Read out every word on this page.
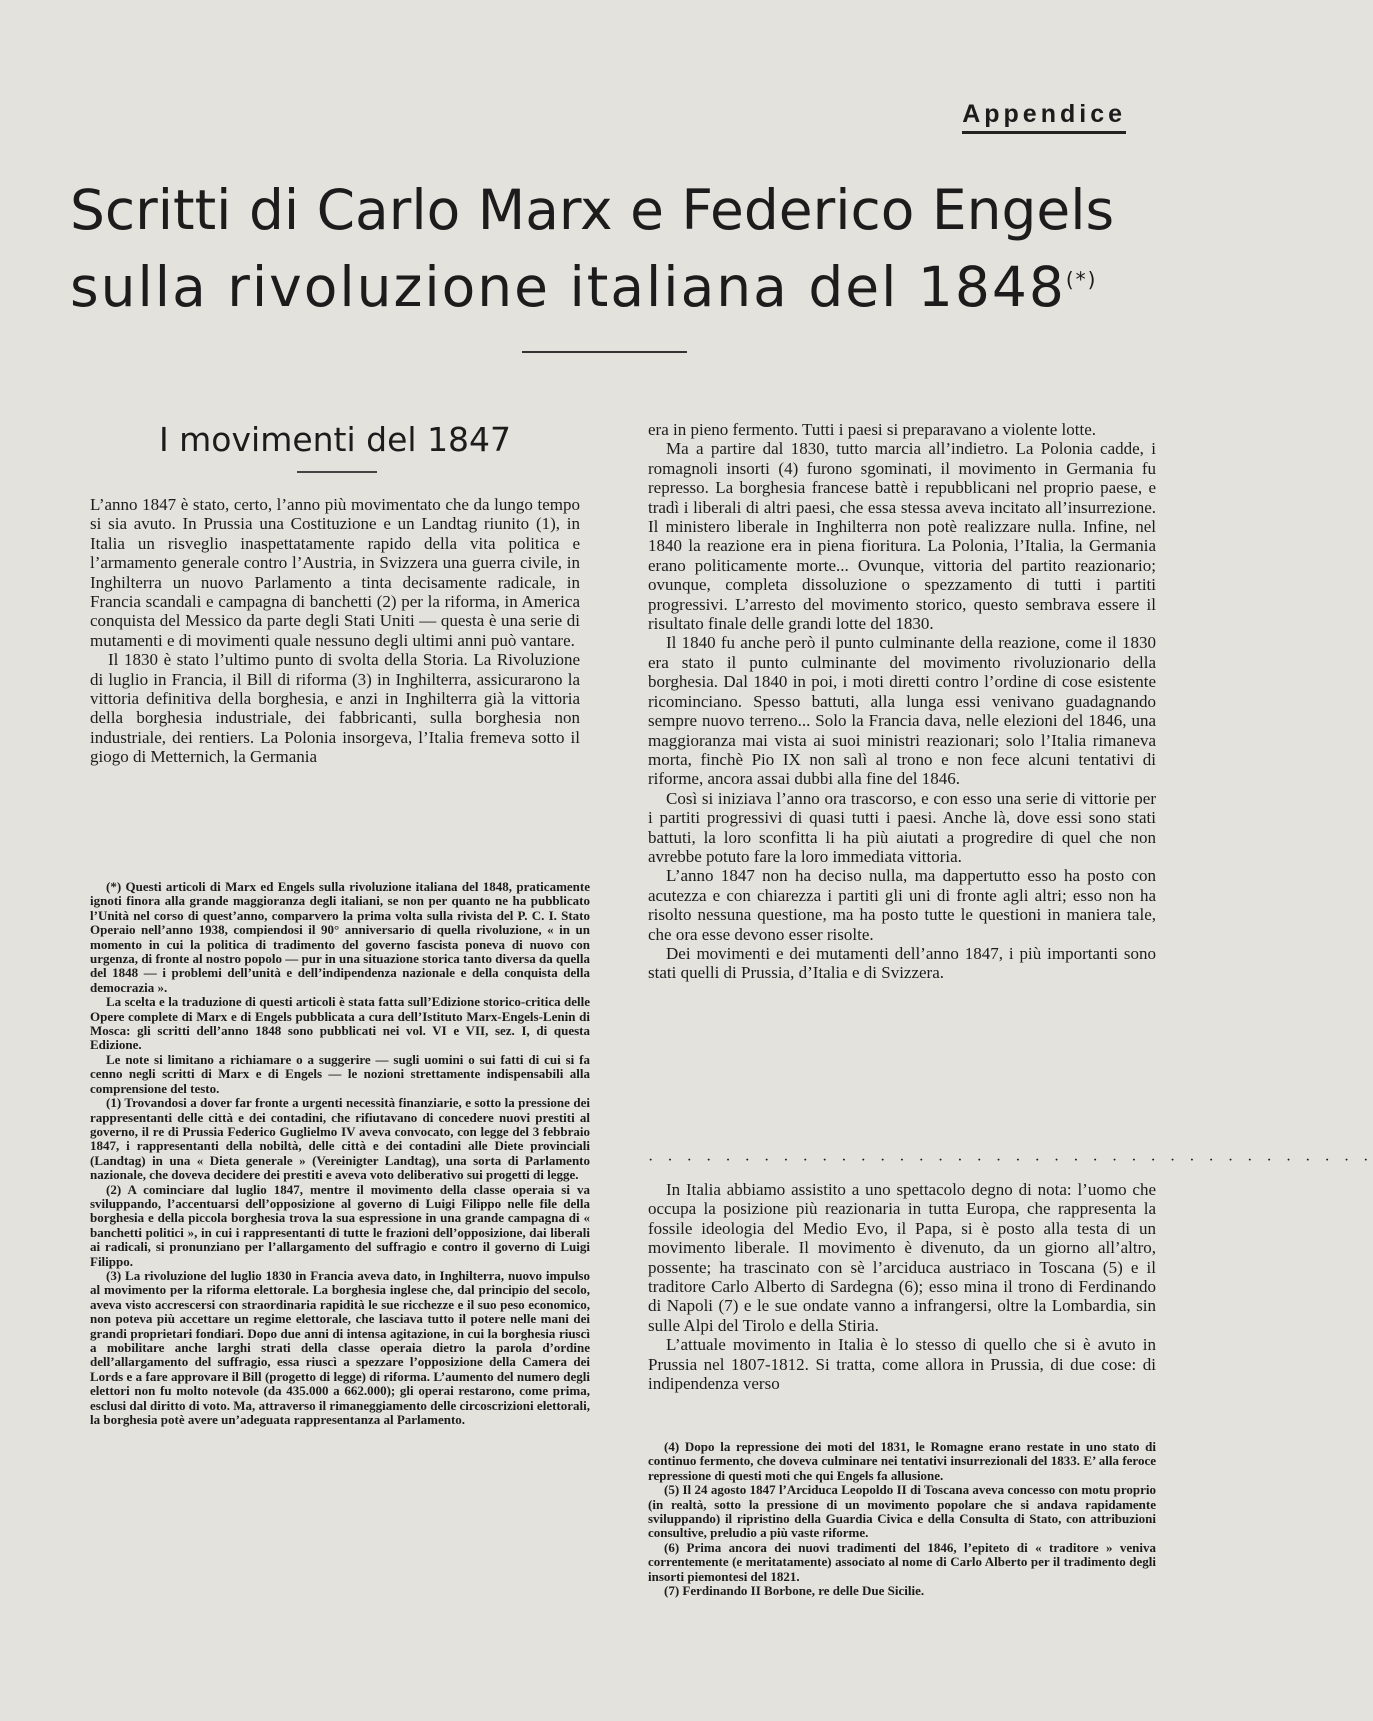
Appendice
Scritti di Carlo Marx e Federico Engels
sulla rivoluzione italiana del 1848(*)
I movimenti del 1847

L’anno 1847 è stato, certo, l’anno più movimentato che da lungo tempo si sia avuto. In Prussia una Costituzione e un Landtag riunito (1), in Italia un risveglio inaspettatamente rapido della vita politica e l’armamento generale contro l’Austria, in Svizzera una guerra civile, in Inghilterra un nuovo Parlamento a tinta decisamente radicale, in Francia scandali e campagna di banchetti (2) per la riforma, in America conquista del Messico da parte degli Stati Uniti — questa è una serie di mutamenti e di movimenti quale nessuno degli ultimi anni può vantare.

Il 1830 è stato l’ultimo punto di svolta della Storia. La Rivoluzione di luglio in Francia, il Bill di riforma (3) in Inghilterra, assicurarono la vittoria definitiva della borghesia, e anzi in Inghilterra già la vittoria della borghesia industriale, dei fabbricanti, sulla borghesia non industriale, dei rentiers. La Polonia insorgeva, l’Italia fremeva sotto il giogo di Metternich, la Germania

(*) Questi articoli di Marx ed Engels sulla rivoluzione italiana del 1848, praticamente ignoti finora alla grande maggioranza degli italiani, se non per quanto ne ha pubblicato l’Unità nel corso di quest’anno, comparvero la prima volta sulla rivista del P. C. I. Stato Operaio nell’anno 1938, compiendosi il 90° anniversario di quella rivoluzione, « in un momento in cui la politica di tradimento del governo fascista poneva di nuovo con urgenza, di fronte al nostro popolo — pur in una situazione storica tanto diversa da quella del 1848 — i problemi dell’unità e dell’indipendenza nazionale e della conquista della democrazia ».

La scelta e la traduzione di questi articoli è stata fatta sull’Edizione storico-critica delle Opere complete di Marx e di Engels pubblicata a cura dell’Istituto Marx-Engels-Lenin di Mosca: gli scritti dell’anno 1848 sono pubblicati nei vol. VI e VII, sez. I, di questa Edizione.

Le note si limitano a richiamare o a suggerire — sugli uomini o sui fatti di cui si fa cenno negli scritti di Marx e di Engels — le nozioni strettamente indispensabili alla comprensione del testo.

(1) Trovandosi a dover far fronte a urgenti necessità finanziarie, e sotto la pressione dei rappresentanti delle città e dei contadini, che rifiutavano di concedere nuovi prestiti al governo, il re di Prussia Federico Guglielmo IV aveva convocato, con legge del 3 febbraio 1847, i rappresentanti della nobiltà, delle città e dei contadini alle Diete provinciali (Landtag) in una « Dieta generale » (Vereinigter Landtag), una sorta di Parlamento nazionale, che doveva decidere dei prestiti e aveva voto deliberativo sui progetti di legge.

(2) A cominciare dal luglio 1847, mentre il movimento della classe operaia si va sviluppando, l’accentuarsi dell’opposizione al governo di Luigi Filippo nelle file della borghesia e della piccola borghesia trova la sua espressione in una grande campagna di « banchetti politici », in cui i rappresentanti di tutte le frazioni dell’opposizione, dai liberali ai radicali, si pronunziano per l’allargamento del suffragio e contro il governo di Luigi Filippo.

(3) La rivoluzione del luglio 1830 in Francia aveva dato, in Inghilterra, nuovo impulso al movimento per la riforma elettorale. La borghesia inglese che, dal principio del secolo, aveva visto accrescersi con straordinaria rapidità le sue ricchezze e il suo peso economico, non poteva più accettare un regime elettorale, che lasciava tutto il potere nelle mani dei grandi proprietari fondiari. Dopo due anni di intensa agitazione, in cui la borghesia riuscì a mobilitare anche larghi strati della classe operaia dietro la parola d’ordine dell’allargamento del suffragio, essa riuscì a spezzare l’opposizione della Camera dei Lords e a fare approvare il Bill (progetto di legge) di riforma. L’aumento del numero degli elettori non fu molto notevole (da 435.000 a 662.000); gli operai restarono, come prima, esclusi dal diritto di voto. Ma, attraverso il rimaneggiamento delle circoscrizioni elettorali, la borghesia potè avere un’adeguata rappresentanza al Parlamento.

era in pieno fermento. Tutti i paesi si preparavano a violente lotte.

Ma a partire dal 1830, tutto marcia all’indietro. La Polonia cadde, i romagnoli insorti (4) furono sgominati, il movimento in Germania fu represso. La borghesia francese battè i repubblicani nel proprio paese, e tradì i liberali di altri paesi, che essa stessa aveva incitato all’insurrezione. Il ministero liberale in Inghilterra non potè realizzare nulla. Infine, nel 1840 la reazione era in piena fioritura. La Polonia, l’Italia, la Germania erano politicamente morte... Ovunque, vittoria del partito reazionario; ovunque, completa dissoluzione o spezzamento di tutti i partiti progressivi. L’arresto del movimento storico, questo sembrava essere il risultato finale delle grandi lotte del 1830.

Il 1840 fu anche però il punto culminante della reazione, come il 1830 era stato il punto culminante del movimento rivoluzionario della borghesia. Dal 1840 in poi, i moti diretti contro l’ordine di cose esistente ricominciano. Spesso battuti, alla lunga essi venivano guadagnando sempre nuovo terreno... Solo la Francia dava, nelle elezioni del 1846, una maggioranza mai vista ai suoi ministri reazionari; solo l’Italia rimaneva morta, finchè Pio IX non salì al trono e non fece alcuni tentativi di riforme, ancora assai dubbi alla fine del 1846.

Così si iniziava l’anno ora trascorso, e con esso una serie di vittorie per i partiti progressivi di quasi tutti i paesi. Anche là, dove essi sono stati battuti, la loro sconfitta li ha più aiutati a progredire di quel che non avrebbe potuto fare la loro immediata vittoria.

L’anno 1847 non ha deciso nulla, ma dappertutto esso ha posto con acutezza e con chiarezza i partiti gli uni di fronte agli altri; esso non ha risolto nessuna questione, ma ha posto tutte le questioni in maniera tale, che ora esse devono esser risolte.

Dei movimenti e dei mutamenti dell’anno 1847, i più importanti sono stati quelli di Prussia, d’Italia e di Svizzera.

· · · · · · · · · · · · · · · · · · · · · · · · · · · · · · · · · · · · · ·

In Italia abbiamo assistito a uno spettacolo degno di nota: l’uomo che occupa la posizione più reazionaria in tutta Europa, che rappresenta la fossile ideologia del Medio Evo, il Papa, si è posto alla testa di un movimento liberale. Il movimento è divenuto, da un giorno all’altro, possente; ha trascinato con sè l’arciduca austriaco in Toscana (5) e il traditore Carlo Alberto di Sardegna (6); esso mina il trono di Ferdinando di Napoli (7) e le sue ondate vanno a infrangersi, oltre la Lombardia, sin sulle Alpi del Tirolo e della Stiria.

L’attuale movimento in Italia è lo stesso di quello che si è avuto in Prussia nel 1807-1812. Si tratta, come allora in Prussia, di due cose: di indipendenza verso

(4) Dopo la repressione dei moti del 1831, le Romagne erano restate in uno stato di continuo fermento, che doveva culminare nei tentativi insurrezionali del 1833. E’ alla feroce repressione di questi moti che qui Engels fa allusione.

(5) Il 24 agosto 1847 l’Arciduca Leopoldo II di Toscana aveva concesso con motu proprio (in realtà, sotto la pressione di un movimento popolare che si andava rapidamente sviluppando) il ripristino della Guardia Civica e della Consulta di Stato, con attribuzioni consultive, preludio a più vaste riforme.

(6) Prima ancora dei nuovi tradimenti del 1846, l’epiteto di « traditore » veniva correntemente (e meritatamente) associato al nome di Carlo Alberto per il tradimento degli insorti piemontesi del 1821.

(7) Ferdinando II Borbone, re delle Due Sicilie.
